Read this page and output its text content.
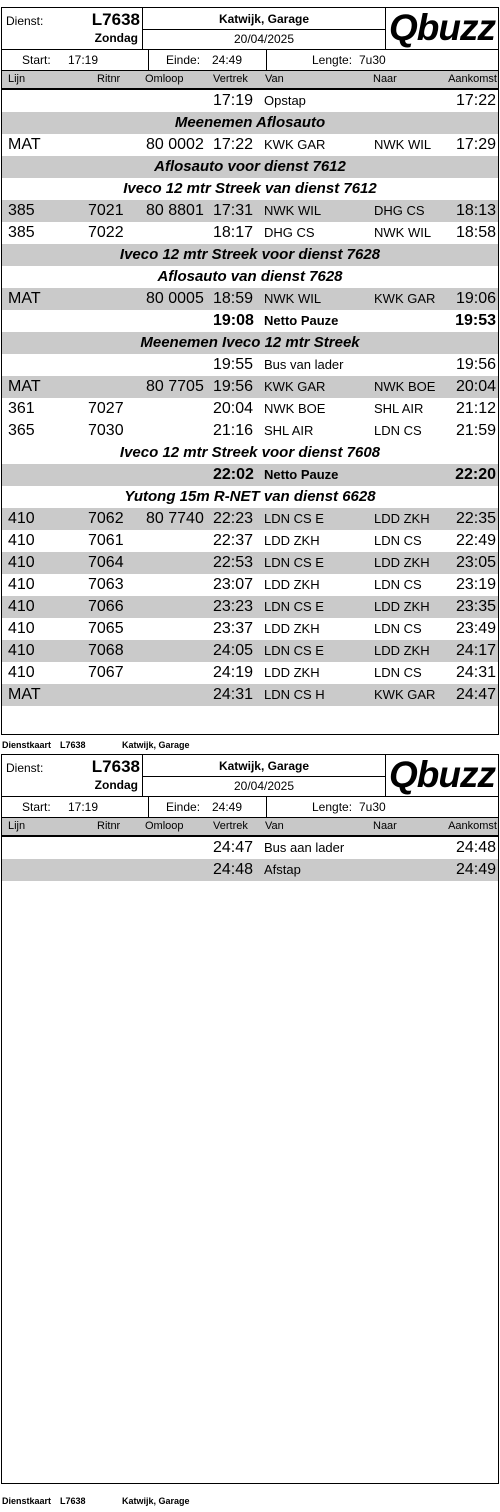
Dienst:	L7638
Zondag
Katwijk, Garage
20/04/2025	Qbuzz
Start: 17:19	Einde: 24:49	Lengte: 7u30
Lijn	Ritnr Omloop	Vertrek Van	Naar	Aankomst
17:19 Opstap	17:22
Meenemen Aflosauto
MAT	80 0002 17:22 KWK GAR	NWK WIL 17:29
Aflosauto voor dienst 7612
Iveco 12 mtr Streek van dienst 7612
385	7021 80 8801 17:31 NWK WIL	DHG CS 18:13
385	7022	18:17 DHG CS	NWK WIL 18:58
Iveco 12 mtr Streek voor dienst 7628
Aflosauto van dienst 7628
MAT	80 0005 18:59 NWK WIL	KWK GAR 19:06
19:08 Netto Pauze	19:53
Meenemen Iveco 12 mtr Streek
19:55 Bus van lader	19:56
MAT	80 7705 19:56 KWK GAR	NWK BOE 20:04
361	7027	20:04 NWK BOE	SHL AIR 21:12
365	7030	21:16 SHL AIR	LDN CS 21:59
Iveco 12 mtr Streek voor dienst 7608
22:02 Netto Pauze	22:20
Yutong 15m R-NET van dienst 6628
410	7062 80 7740 22:23 LDN CS E	LDD ZKH 22:35
410	7061	22:37 LDD ZKH	LDN CS 22:49
410	7064	22:53 LDN CS E	LDD ZKH 23:05
410	7063	23:07 LDD ZKH	LDN CS 23:19
410	7066	23:23 LDN CS E	LDD ZKH 23:35
410	7065	23:37 LDD ZKH	LDN CS 23:49
410	7068	24:05 LDN CS E	LDD ZKH 24:17
410	7067	24:19 LDD ZKH	LDN CS 24:31
MAT	24:31 LDN CS H	KWK GAR 24:47
Dienstkaart L7638	Katwijk, Garage
Dienst:	L7638
Zondag
Katwijk, Garage
20/04/2025	Qbuzz
Start: 17:19	Einde: 24:49	Lengte: 7u30
Lijn	Ritnr Omloop	Vertrek Van	Naar	Aankomst
24:47 Bus aan lader	24:48
24:48 Afstap	24:49
Dienstkaart L7638	Katwijk, Garage
